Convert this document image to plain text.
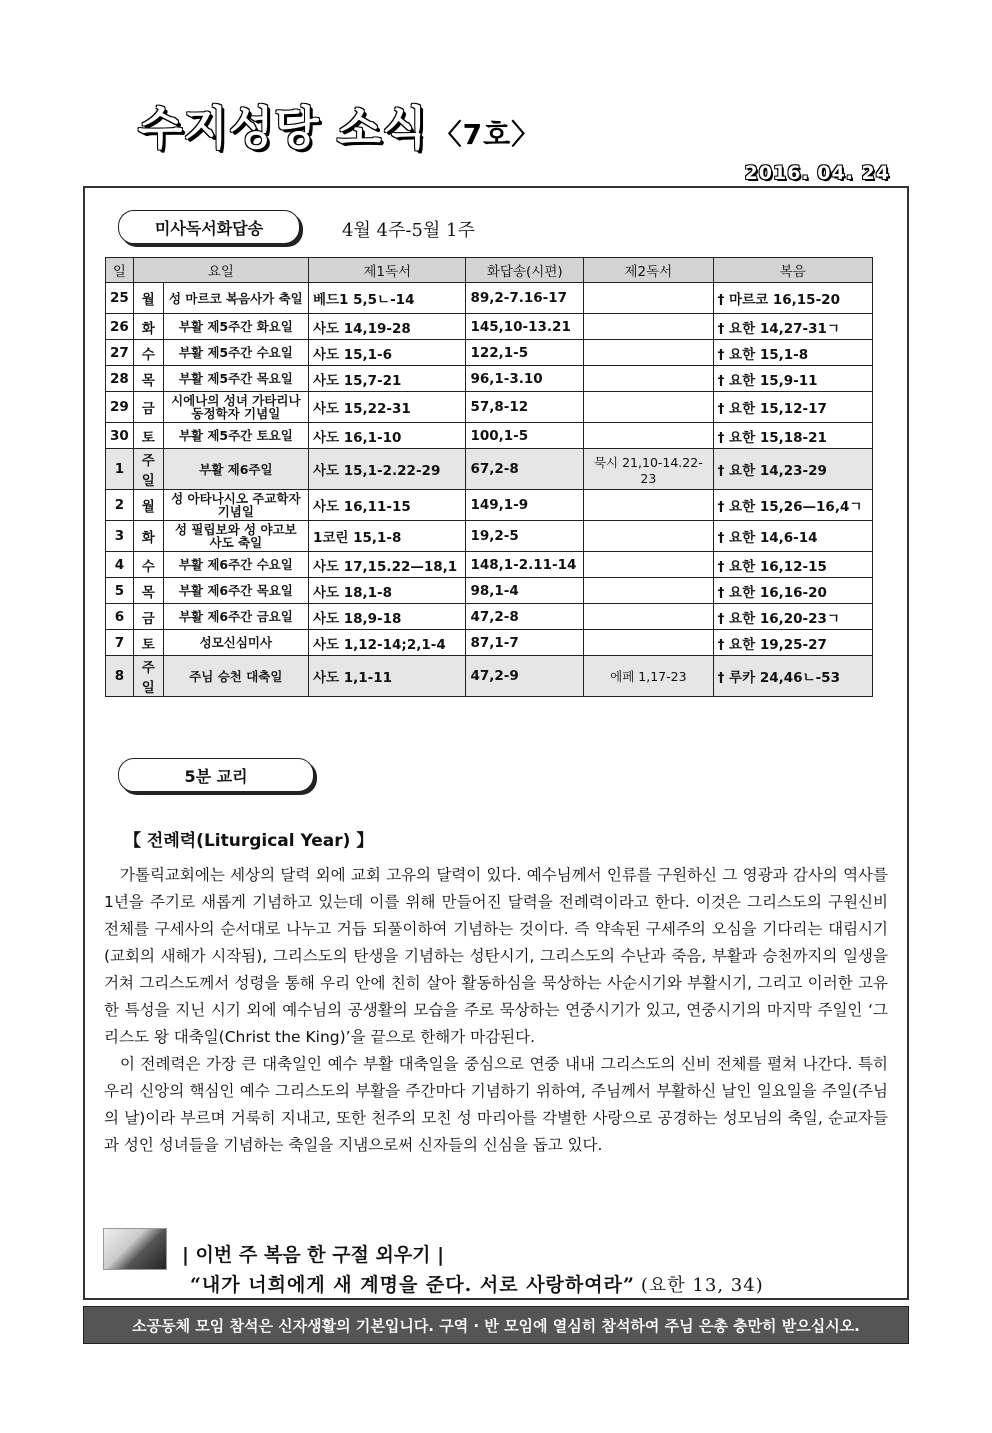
수지성당 소식 〈7호〉
2016. 04. 24
미사독서화답송	4월 4주-5월 1주
일	요일		제1독서	화답송(시편)	제2독서	복음
25	월	성 마르코 복음사가 축일	베드1 5,5ㄴ-14	89,2-7.16-17		† 마르코 16,15-20
26	화	부활 제5주간 화요일	사도 14,19-28	145,10-13.21		† 요한 14,27-31ㄱ
27	수	부활 제5주간 수요일	사도 15,1-6	122,1-5		† 요한 15,1-8
28	목	부활 제5주간 목요일	사도 15,7-21	96,1-3.10		† 요한 15,9-11
29	금	시에나의 성녀 가타리나 동정학자 기념일	사도 15,22-31	57,8-12		† 요한 15,12-17
30	토	부활 제5주간 토요일	사도 16,1-10	100,1-5		† 요한 15,18-21
1	주일	부활 제6주일	사도 15,1-2.22-29	67,2-8	묵시 21,10-14.22-23	† 요한 14,23-29
2	월	성 아타나시오 주교학자 기념일	사도 16,11-15	149,1-9		† 요한 15,26—16,4ㄱ
3	화	성 필립보와 성 야고보 사도 축일	1코린 15,1-8	19,2-5		† 요한 14,6-14
4	수	부활 제6주간 수요일	사도 17,15.22—18,1	148,1-2.11-14		† 요한 16,12-15
5	목	부활 제6주간 목요일	사도 18,1-8	98,1-4		† 요한 16,16-20
6	금	부활 제6주간 금요일	사도 18,9-18	47,2-8		† 요한 16,20-23ㄱ
7	토	성모신심미사	사도 1,12-14;2,1-4	87,1-7		† 요한 19,25-27
8	주일	주님 승천 대축일	사도 1,1-11	47,2-9	에페 1,17-23	† 루카 24,46ㄴ-53
5분 교리
【 전례력(Liturgical Year) 】

가톨릭교회에는 세상의 달력 외에 교회 고유의 달력이 있다. 예수님께서 인류를 구원하신 그 영광과 감사의 역사를 1년을 주기로 새롭게 기념하고 있는데 이를 위해 만들어진 달력을 전례력이라고 한다. 이것은 그리스도의 구원신비 전체를 구세사의 순서대로 나누고 거듭 되풀이하여 기념하는 것이다. 즉 약속된 구세주의 오심을 기다리는 대림시기(교회의 새해가 시작됨), 그리스도의 탄생을 기념하는 성탄시기, 그리스도의 수난과 죽음, 부활과 승천까지의 일생을 거쳐 그리스도께서 성령을 통해 우리 안에 친히 살아 활동하심을 묵상하는 사순시기와 부활시기, 그리고 이러한 고유한 특성을 지닌 시기 외에 예수님의 공생활의 모습을 주로 묵상하는 연중시기가 있고, 연중시기의 마지막 주일인 ‘그리스도 왕 대축일(Christ the King)’을 끝으로 한해가 마감된다.

이 전례력은 가장 큰 대축일인 예수 부활 대축일을 중심으로 연중 내내 그리스도의 신비 전체를 펼쳐 나간다. 특히 우리 신앙의 핵심인 예수 그리스도의 부활을 주간마다 기념하기 위하여, 주님께서 부활하신 날인 일요일을 주일(주님의 날)이라 부르며 거룩히 지내고, 또한 천주의 모친 성 마리아를 각별한 사랑으로 공경하는 성모님의 축일, 순교자들과 성인 성녀들을 기념하는 축일을 지냄으로써 신자들의 신심을 돕고 있다.

| 이번 주 복음 한 구절 외우기 |
“내가 너희에게 새 계명을 준다. 서로 사랑하여라” (요한 13, 34)
소공동체 모임 참석은 신자생활의 기본입니다. 구역 · 반 모임에 열심히 참석하여 주님 은총 충만히 받으십시오.
